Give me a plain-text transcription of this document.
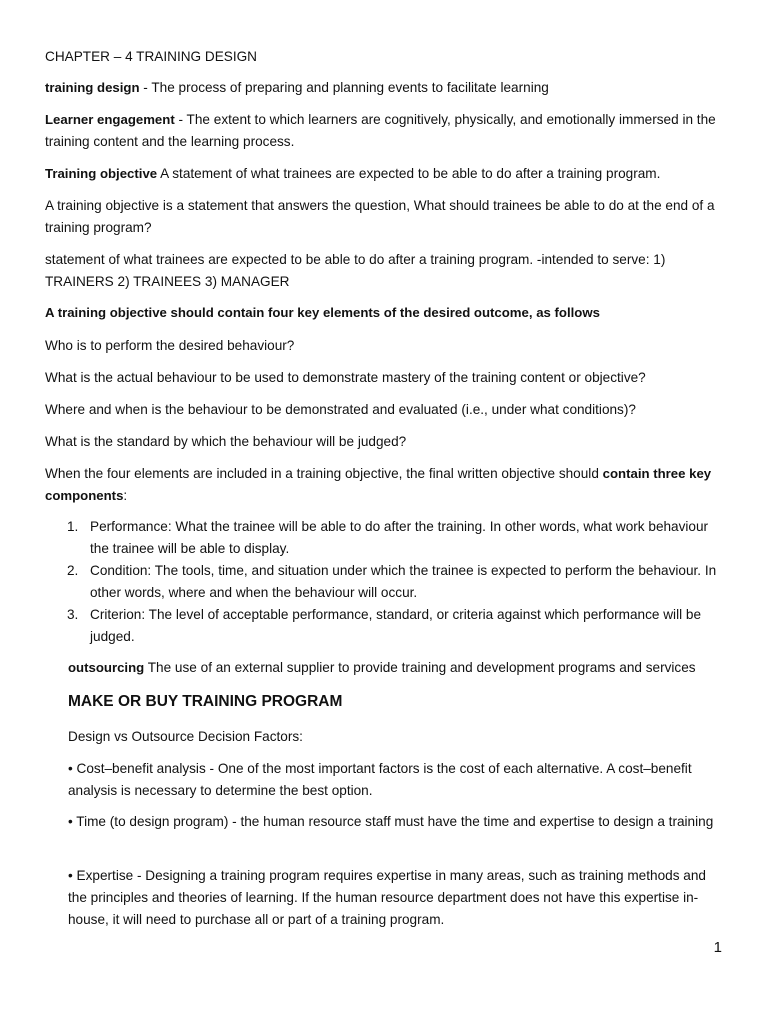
CHAPTER – 4 TRAINING DESIGN

training design - The process of preparing and planning events to facilitate learning

Learner engagement - The extent to which learners are cognitively, physically, and emotionally immersed in the training content and the learning process.

Training objective A statement of what trainees are expected to be able to do after a training program.

A training objective is a statement that answers the question, What should trainees be able to do at the end of a training program?

statement of what trainees are expected to be able to do after a training program. -intended to serve: 1) TRAINERS 2) TRAINEES 3) MANAGER

A training objective should contain four key elements of the desired outcome, as follows

Who is to perform the desired behaviour?

What is the actual behaviour to be used to demonstrate mastery of the training content or objective?

Where and when is the behaviour to be demonstrated and evaluated (i.e., under what conditions)?

What is the standard by which the behaviour will be judged?

When the four elements are included in a training objective, the final written objective should contain three key components:

1. Performance: What the trainee will be able to do after the training. In other words, what work behaviour the trainee will be able to display.
2. Condition: The tools, time, and situation under which the trainee is expected to perform the behaviour. In other words, where and when the behaviour will occur.
3. Criterion: The level of acceptable performance, standard, or criteria against which performance will be judged.

outsourcing The use of an external supplier to provide training and development programs and services

MAKE OR BUY TRAINING PROGRAM

Design vs Outsource Decision Factors:

• Cost–benefit analysis - One of the most important factors is the cost of each alternative. A cost–benefit analysis is necessary to determine the best option.

• Time (to design program) - the human resource staff must have the time and expertise to design a training

• Expertise - Designing a training program requires expertise in many areas, such as training methods and the principles and theories of learning. If the human resource department does not have this expertise in-house, it will need to purchase all or part of a training program.

1
